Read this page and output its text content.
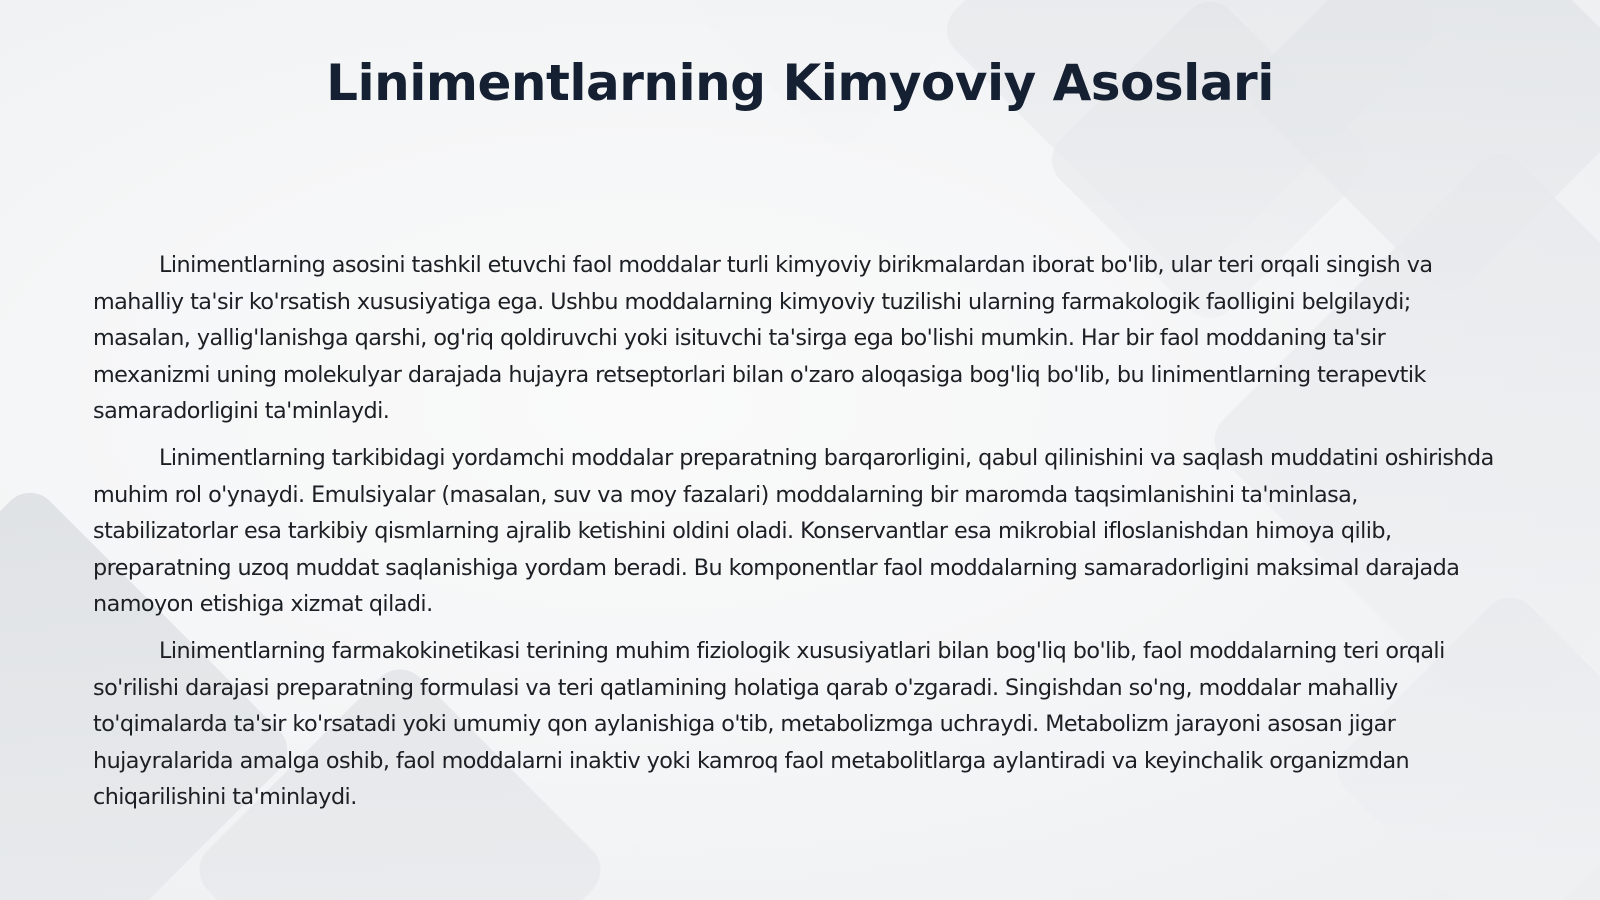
Linimentlarning Kimyoviy Asoslari

Linimentlarning asosini tashkil etuvchi faol moddalar turli kimyoviy birikmalardan iborat bo'lib, ular teri orqali singish va mahalliy ta'sir ko'rsatish xususiyatiga ega. Ushbu moddalarning kimyoviy tuzilishi ularning farmakologik faolligini belgilaydi; masalan, yallig'lanishga qarshi, og'riq qoldiruvchi yoki isituvchi ta'sirga ega bo'lishi mumkin. Har bir faol moddaning ta'sir mexanizmi uning molekulyar darajada hujayra retseptorlari bilan o'zaro aloqasiga bog'liq bo'lib, bu linimentlarning terapevtik samaradorligini ta'minlaydi.

Linimentlarning tarkibidagi yordamchi moddalar preparatning barqarorligini, qabul qilinishini va saqlash muddatini oshirishda muhim rol o'ynaydi. Emulsiyalar (masalan, suv va moy fazalari) moddalarning bir maromda taqsimlanishini ta'minlasa, stabilizatorlar esa tarkibiy qismlarning ajralib ketishini oldini oladi. Konservantlar esa mikrobial ifloslanishdan himoya qilib, preparatning uzoq muddat saqlanishiga yordam beradi. Bu komponentlar faol moddalarning samaradorligini maksimal darajada namoyon etishiga xizmat qiladi.

Linimentlarning farmakokinetikasi terining muhim fiziologik xususiyatlari bilan bog'liq bo'lib, faol moddalarning teri orqali so'rilishi darajasi preparatning formulasi va teri qatlamining holatiga qarab o'zgaradi. Singishdan so'ng, moddalar mahalliy to'qimalarda ta'sir ko'rsatadi yoki umumiy qon aylanishiga o'tib, metabolizmga uchraydi. Metabolizm jarayoni asosan jigar hujayralarida amalga oshib, faol moddalarni inaktiv yoki kamroq faol metabolitlarga aylantiradi va keyinchalik organizmdan chiqarilishini ta'minlaydi.
